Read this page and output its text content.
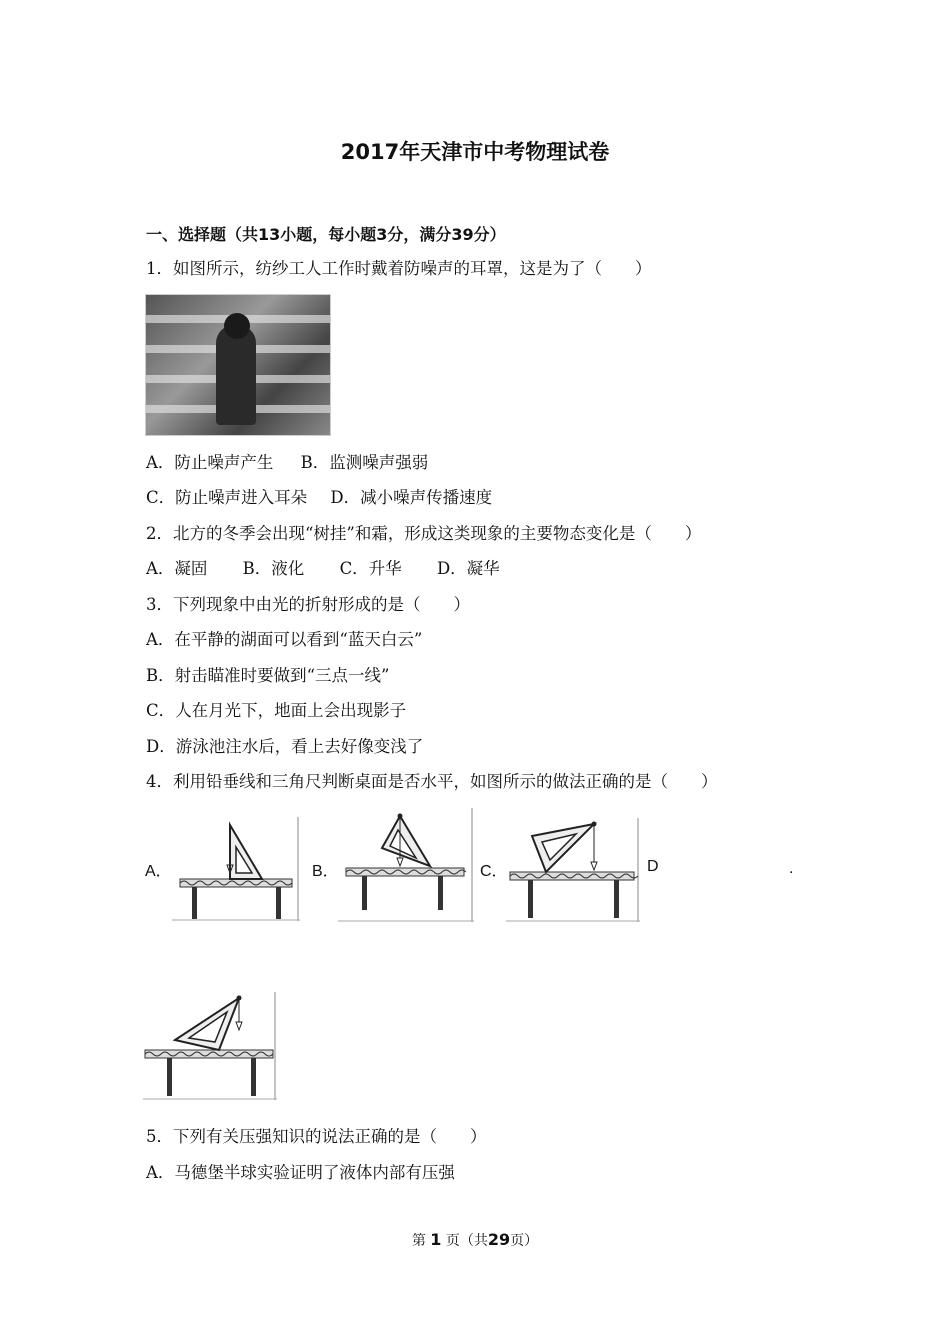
2017年天津市中考物理试卷
一、选择题（共13小题，每小题3分，满分39分）
1．如图所示，纺纱工人工作时戴着防噪声的耳罩，这是为了（　　）
A．防止噪声产生 B．监测噪声强弱
C．防止噪声进入耳朵 D．减小噪声传播速度
2．北方的冬季会出现“树挂”和霜，形成这类现象的主要物态变化是（　　）
A．凝固 B．液化 C．升华 D．凝华
3．下列现象中由光的折射形成的是（　　）
A．在平静的湖面可以看到“蓝天白云”
B．射击瞄准时要做到“三点一线”
C．人在月光下，地面上会出现影子
D．游泳池注水后，看上去好像变浅了
4．利用铅垂线和三角尺判断桌面是否水平，如图所示的做法正确的是（　　）
A．	B．	C．	D	.
5．下列有关压强知识的说法正确的是（　　）
A．马德堡半球实验证明了液体内部有压强
第 1 页（共29页）
